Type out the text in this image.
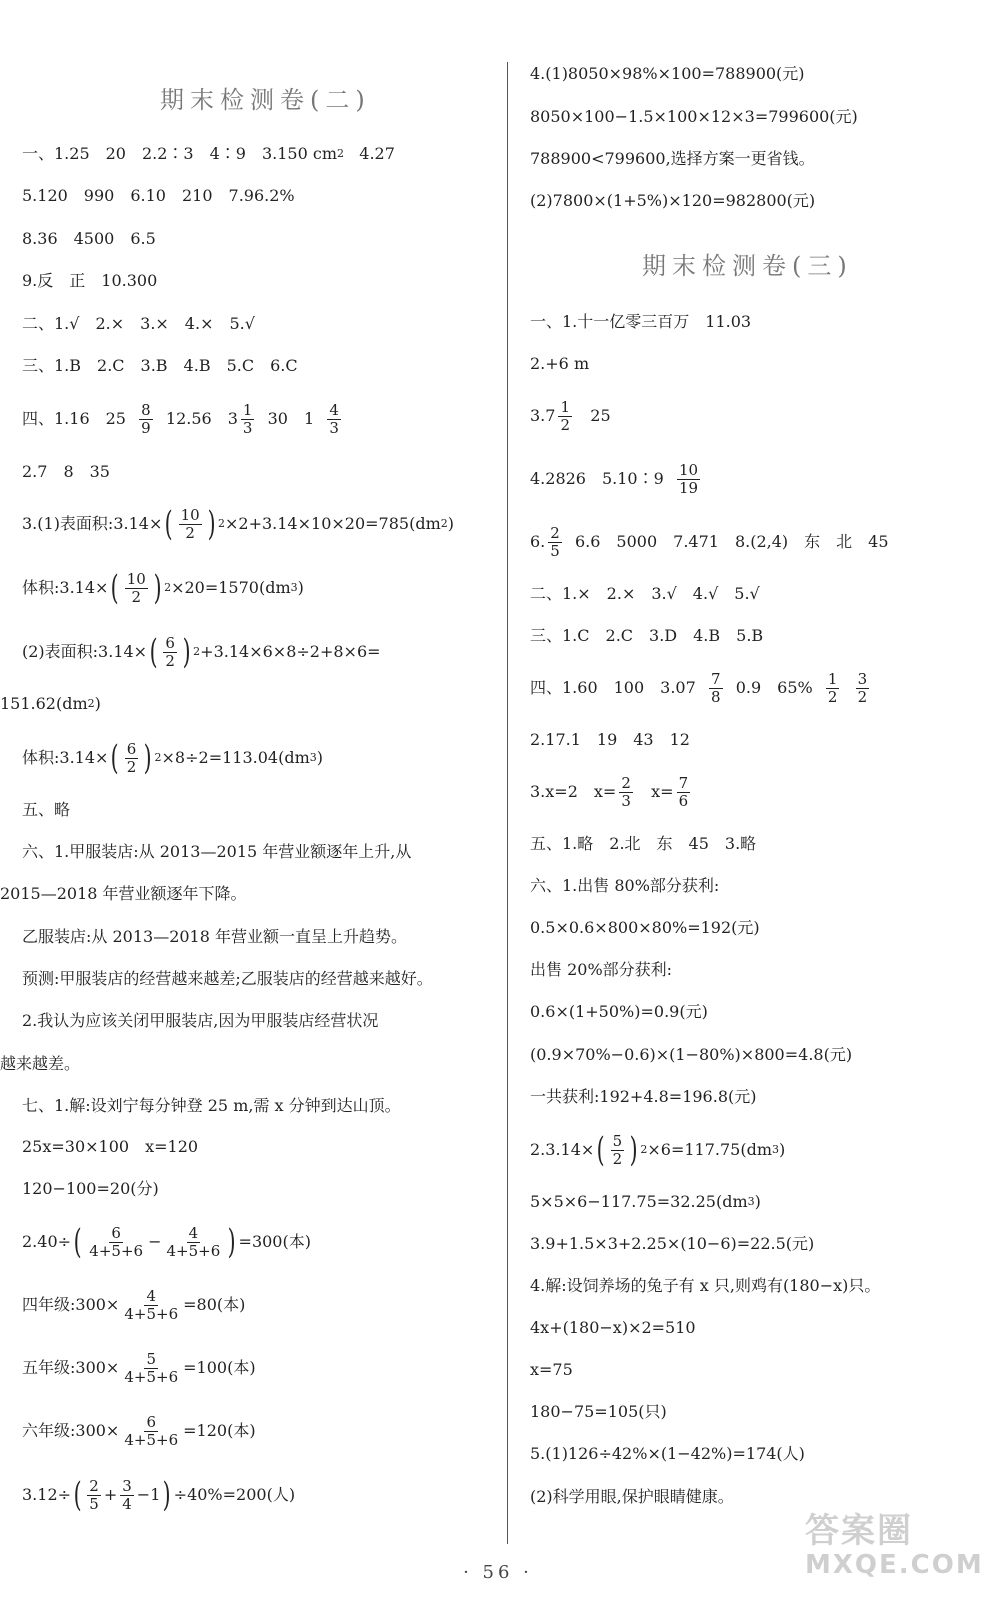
期末检测卷(二)
一、1.25　20　2.2∶3　4∶9　3.150 cm 2
4.27
5.120　990　6.10　210　7.96.2%
8.36　4500　6.5
9.反　正　10.300
二、1.√　2.×　3.×　4.×　5.√
三、1.B　2.C　3.B　4.B　5.C　6.C
四、1.16　25
$\frac{8}{9}$
12.56　$3 \frac{1}{3}$
30　1
$\frac{4}{3}$
2.7　8　35
3.(1)表面积:3.14× ( $\frac{10}{2}$ ) 2 ×2+3.14×10×20=785(dm 2 )
体积:3.14× ( $\frac{10}{2}$ ) 2 ×20=1570(dm 3 )
(2)表面积:3.14× ( $\frac{6}{2}$ ) 2 +3.14×6×8÷2+8×6=
151.62(dm 2 )
体积:3.14× ( $\frac{6}{2}$ ) 2 ×8÷2=113.04(dm 3 )
五、略
六、1.甲服装店:从 2013—2015 年营业额逐年上升,从
2015—2018 年营业额逐年下降。
乙服装店:从 2013—2018 年营业额一直呈上升趋势。
预测:甲服装店的经营越来越差;乙服装店的经营越来越好。
2.我认为应该关闭甲服装店,因为甲服装店经营状况
越来越差。
七、1.解:设刘宁每分钟登 25 m,需 x 分钟到达山顶。
25x=30×100　x=120
120−100=20(分)
2.40÷ ( $\frac{6}{4+5+6} - \frac{4}{4+5+6}$ ) =300(本)
四年级:300× $\frac{4}{4+5+6} =80$(本)
五年级:300× $\frac{5}{4+5+6} =100$(本)
六年级:300× $\frac{6}{4+5+6} =120$(本)
3.12÷ ( $\frac{2}{5} + \frac{3}{4} -1$ ) ÷40%=200(人)
4.(1)8050×98%×100=788900(元)
8050×100−1.5×100×12×3=799600(元)
788900<799600,选择方案一更省钱。
(2)7800×(1+5%)×120=982800(元)
期末检测卷(三)
一、1.十一亿零三百万　11.03
2.+6 m
$3.7 \frac{1}{2}$
25
4.2826　5.10∶9
$\frac{10}{19}$
6. $\frac{2}{5}$
6.6　5000　7.471　8.(2,4)　东　北　45
二、1.×　2.×　3.√　4.√　5.√
三、1.C　2.C　3.D　4.B　5.B
四、1.60　100　3.07
$\frac{7}{8}$
0.9　65%
$\frac{1}{2}$
$\frac{3}{2}$
2.17.1　19　43　12
3.x=2　$x= \frac{2}{3}$
$x= \frac{7}{6}$
五、1.略　2.北　东　45　3.略
六、1.出售 80%部分获利:
0.5×0.6×800×80%=192(元)
出售 20%部分获利:
0.6×(1+50%)=0.9(元)
(0.9×70%−0.6)×(1−80%)×800=4.8(元)
一共获利:192+4.8=196.8(元)
2.3.14× ( $\frac{5}{2}$ ) 2 ×6=117.75(dm 3 )
5×5×6−117.75=32.25(dm 3 )
3.9+1.5×3+2.25×(10−6)=22.5(元)
4.解:设饲养场的兔子有 x 只,则鸡有(180−x)只。
4x+(180−x)×2=510
x=75
180−75=105(只)
5.(1)126÷42%×(1−42%)=174(人)
(2)科学用眼,保护眼睛健康。
· 56 ·
答案圈
MXQE.COM
